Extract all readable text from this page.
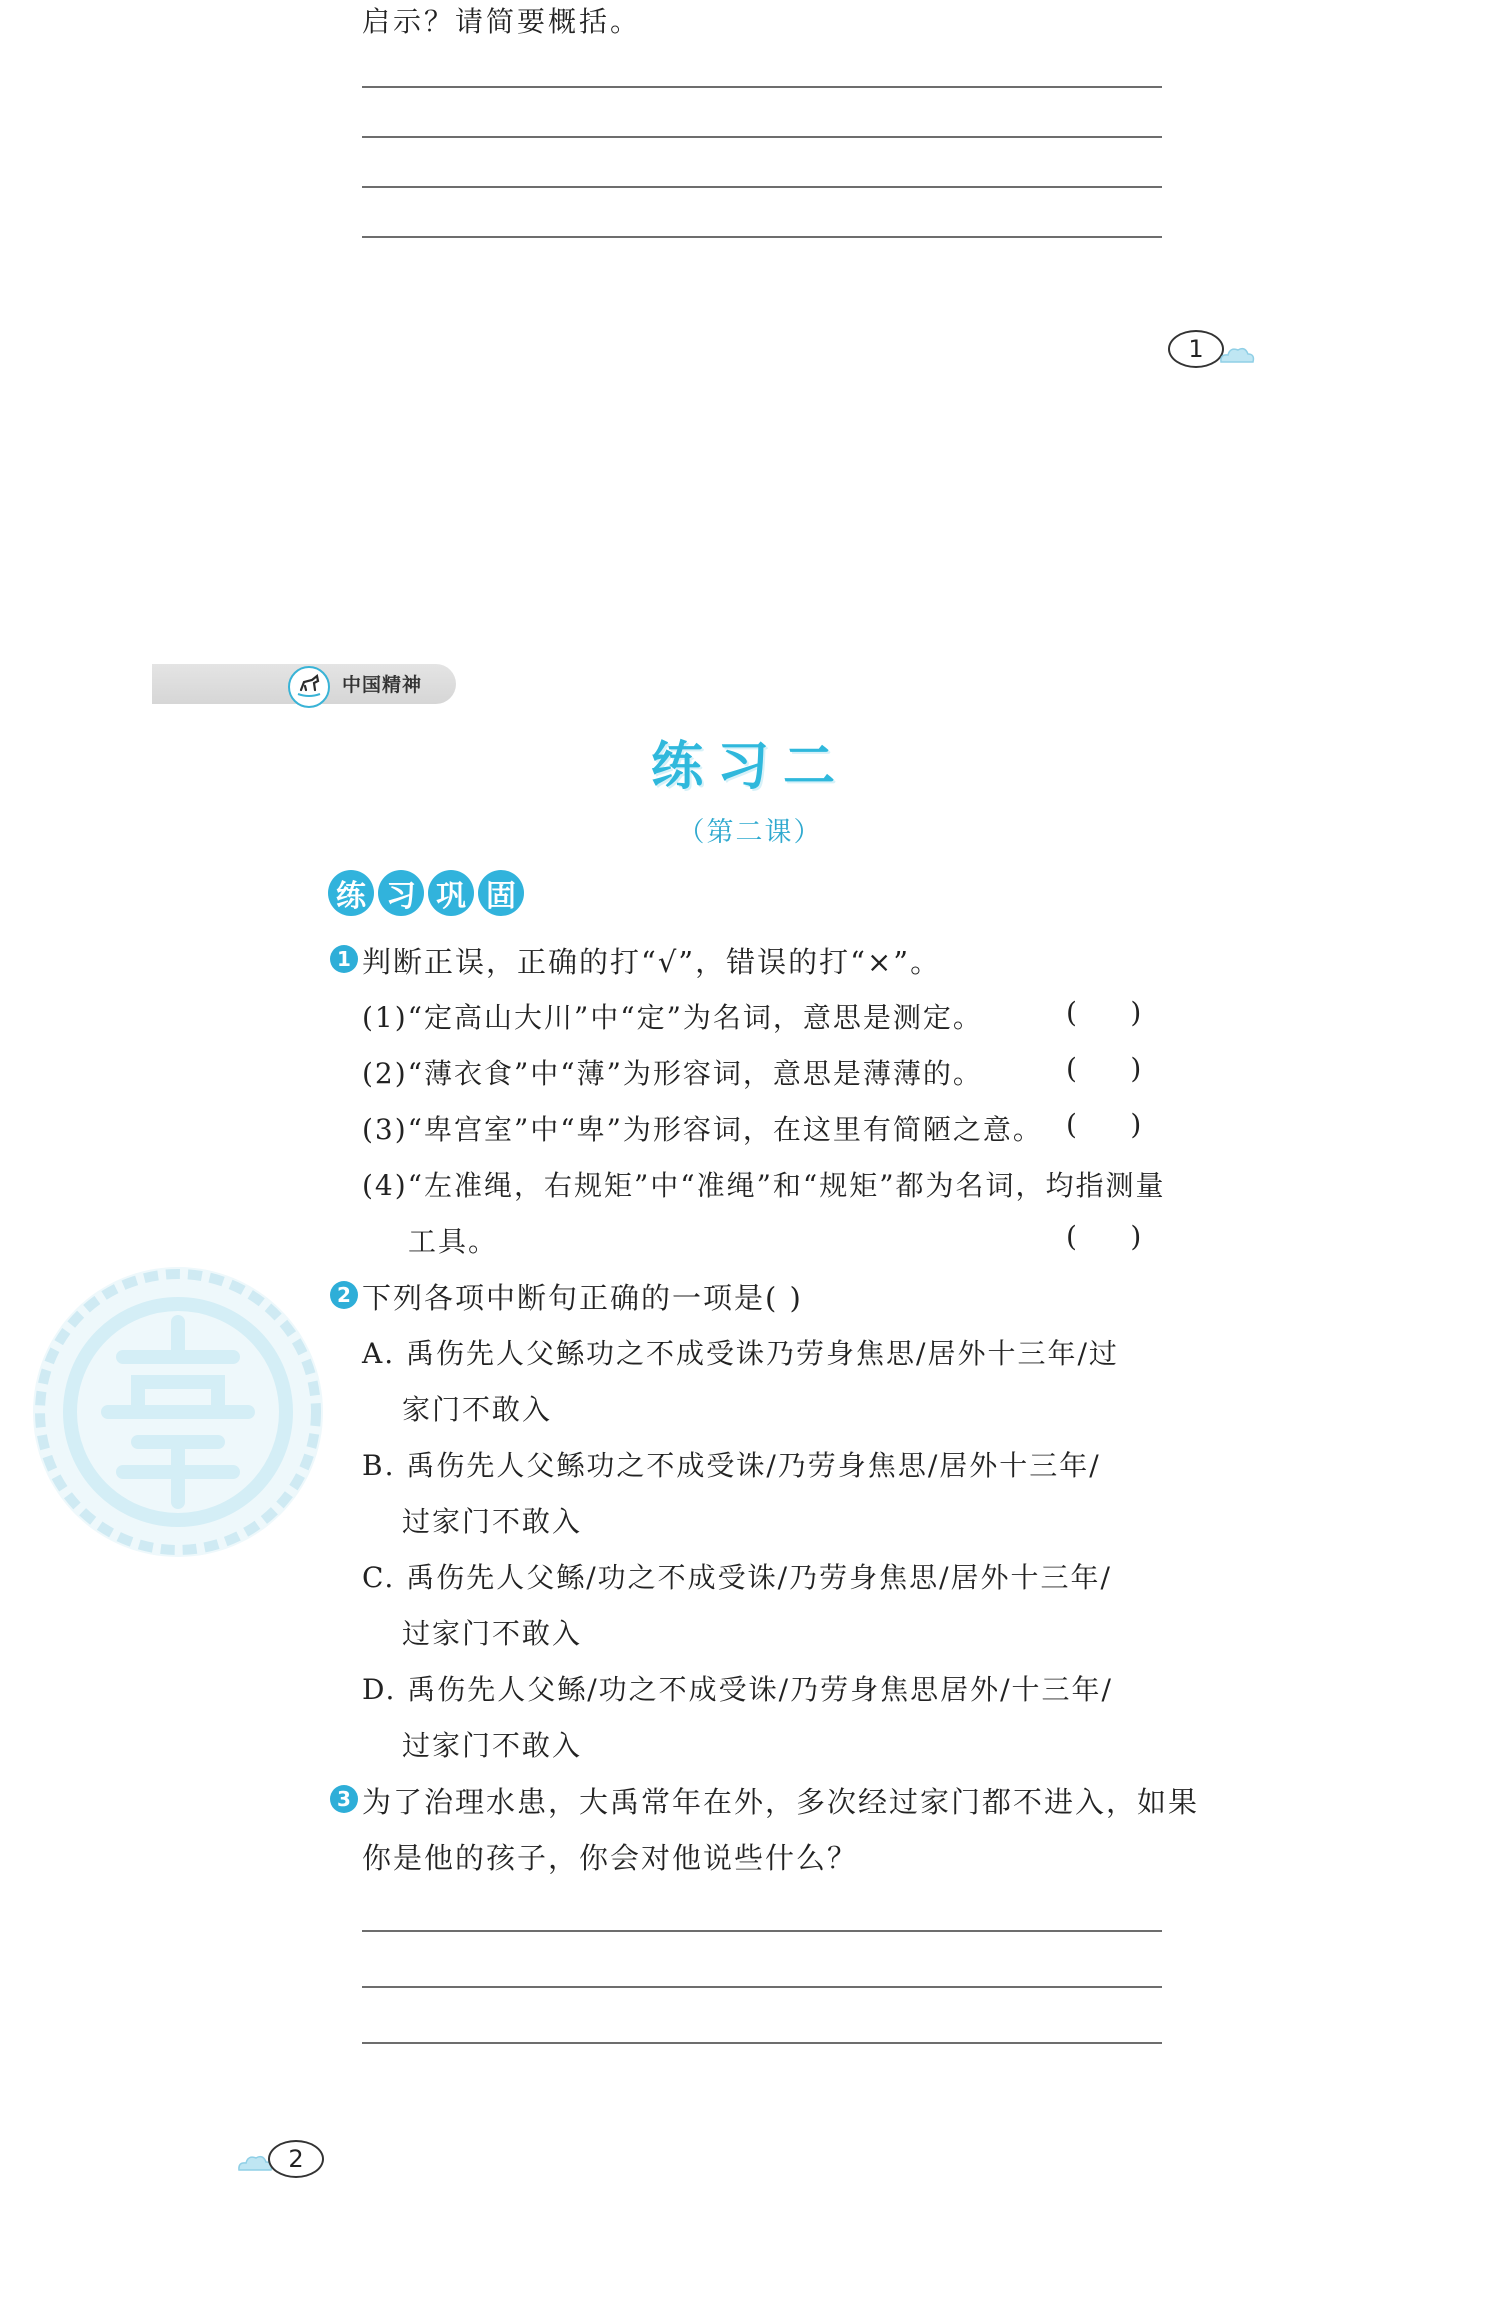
启示？请简要概括。
1
中国精神
练习二
（第二课）
练 习 巩 固
1 判断正误，正确的打“√”，错误的打“×”。
(1)“定高山大川”中“定”为名词，意思是测定。	(      )
(2)“薄衣食”中“薄”为形容词，意思是薄薄的。	(      )
(3)“卑宫室”中“卑”为形容词，在这里有简陋之意。 (      )
(4)“左准绳，右规矩”中“准绳”和“规矩”都为名词，均指测量
工具。	(      )
2 下列各项中断句正确的一项是( )
A. 禹伤先人父鲧功之不成受诛乃劳身焦思/居外十三年/过
家门不敢入
B. 禹伤先人父鲧功之不成受诛/乃劳身焦思/居外十三年/
过家门不敢入
C. 禹伤先人父鲧/功之不成受诛/乃劳身焦思/居外十三年/
过家门不敢入
D. 禹伤先人父鲧/功之不成受诛/乃劳身焦思居外/十三年/
过家门不敢入
3 为了治理水患，大禹常年在外，多次经过家门都不进入，如果
你是他的孩子，你会对他说些什么？
2
